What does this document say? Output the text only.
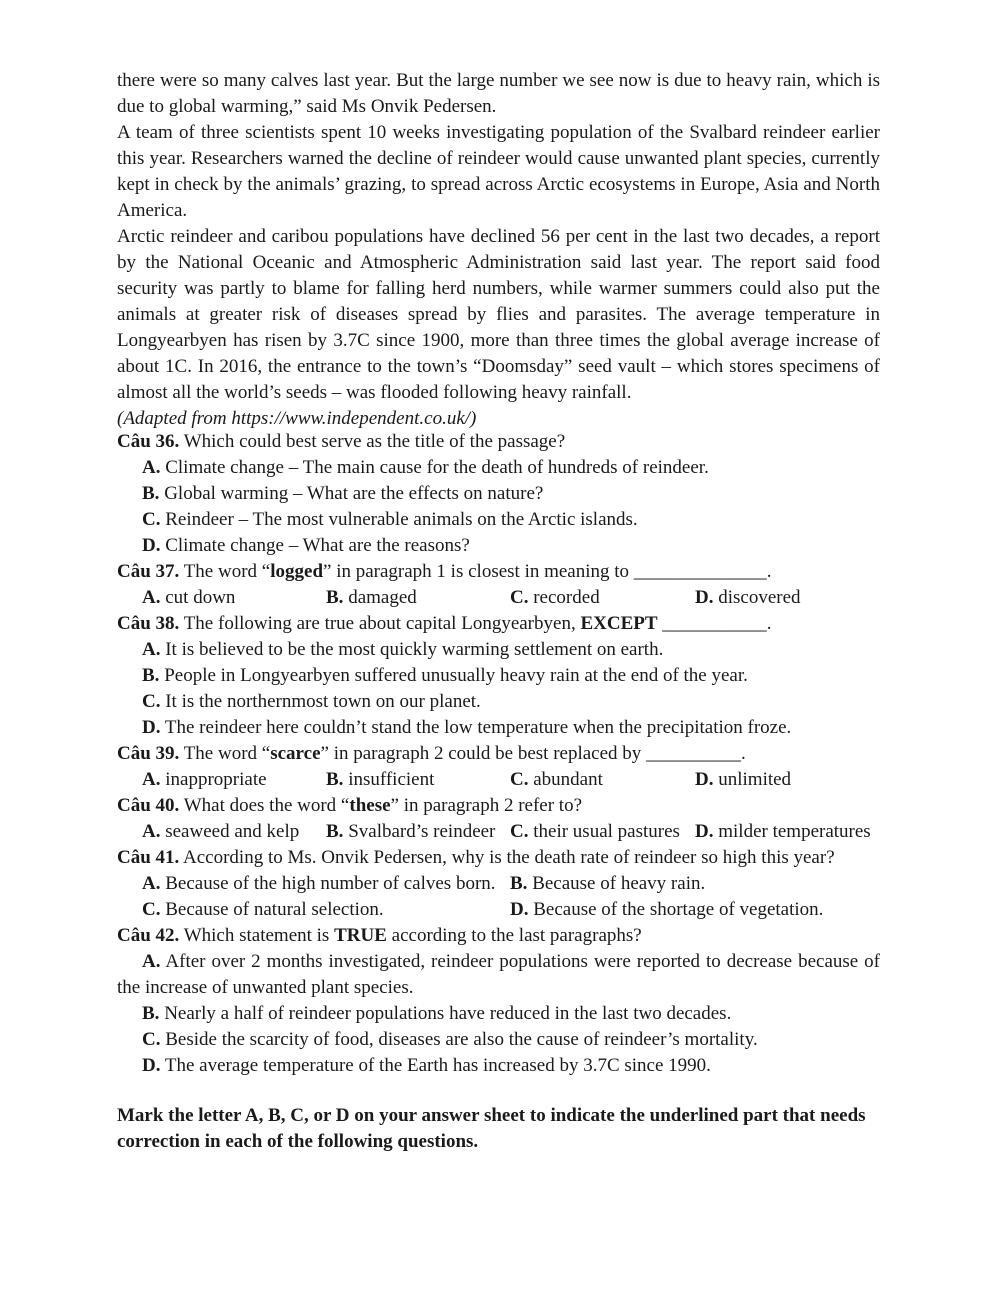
there were so many calves last year. But the large number we see now is due to heavy rain, which is due to global warming,” said Ms Onvik Pedersen.

A team of three scientists spent 10 weeks investigating population of the Svalbard reindeer earlier this year. Researchers warned the decline of reindeer would cause unwanted plant species, currently kept in check by the animals’ grazing, to spread across Arctic ecosystems in Europe, Asia and North America.

Arctic reindeer and caribou populations have declined 56 per cent in the last two decades, a report by the National Oceanic and Atmospheric Administration said last year. The report said food security was partly to blame for falling herd numbers, while warmer summers could also put the animals at greater risk of diseases spread by flies and parasites. The average temperature in Longyearbyen has risen by 3.7C since 1900, more than three times the global average increase of about 1C. In 2016, the entrance to the town’s “Doomsday” seed vault – which stores specimens of almost all the world’s seeds – was flooded following heavy rainfall.

(Adapted from https://www.independent.co.uk/)

Câu 36. Which could best serve as the title of the passage?

A. Climate change – The main cause for the death of hundreds of reindeer.

B. Global warming – What are the effects on nature?

C. Reindeer – The most vulnerable animals on the Arctic islands.

D. Climate change – What are the reasons?

Câu 37. The word “logged” in paragraph 1 is closest in meaning to ______________.

A. cut down	B. damaged	C. recorded	D. discovered

Câu 38. The following are true about capital Longyearbyen, EXCEPT ___________.

A. It is believed to be the most quickly warming settlement on earth.

B. People in Longyearbyen suffered unusually heavy rain at the end of the year.

C. It is the northernmost town on our planet.

D. The reindeer here couldn’t stand the low temperature when the precipitation froze.

Câu 39. The word “scarce” in paragraph 2 could be best replaced by __________.

A. inappropriate	B. insufficient	C. abundant	D. unlimited

Câu 40. What does the word “these” in paragraph 2 refer to?

A. seaweed and kelp B. Svalbard’s reindeer C. their usual pastures D. milder temperatures

Câu 41. According to Ms. Onvik Pedersen, why is the death rate of reindeer so high this year?

A. Because of the high number of calves born. B. Because of heavy rain.
C. Because of natural selection.	D. Because of the shortage of vegetation.

Câu 42. Which statement is TRUE according to the last paragraphs?

A. After over 2 months investigated, reindeer populations were reported to decrease because of the increase of unwanted plant species.

B. Nearly a half of reindeer populations have reduced in the last two decades.

C. Beside the scarcity of food, diseases are also the cause of reindeer’s mortality.

D. The average temperature of the Earth has increased by 3.7C since 1990.

Mark the letter A, B, C, or D on your answer sheet to indicate the underlined part that needs correction in each of the following questions.
